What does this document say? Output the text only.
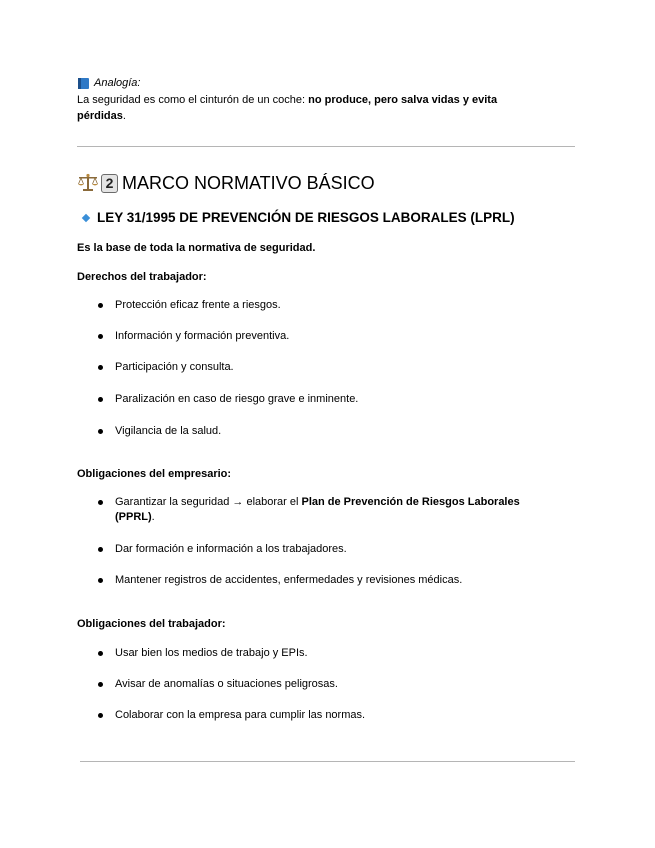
Analogía:
La seguridad es como el cinturón de un coche: no produce, pero salva vidas y evita pérdidas.
2 MARCO NORMATIVO BÁSICO
LEY 31/1995 DE PREVENCIÓN DE RIESGOS LABORALES (LPRL)
Es la base de toda la normativa de seguridad.
Derechos del trabajador:
Protección eficaz frente a riesgos.
Información y formación preventiva.
Participación y consulta.
Paralización en caso de riesgo grave e inminente.
Vigilancia de la salud.
Obligaciones del empresario:
Garantizar la seguridad → elaborar el Plan de Prevención de Riesgos Laborales (PPRL).
Dar formación e información a los trabajadores.
Mantener registros de accidentes, enfermedades y revisiones médicas.
Obligaciones del trabajador:
Usar bien los medios de trabajo y EPIs.
Avisar de anomalías o situaciones peligrosas.
Colaborar con la empresa para cumplir las normas.
